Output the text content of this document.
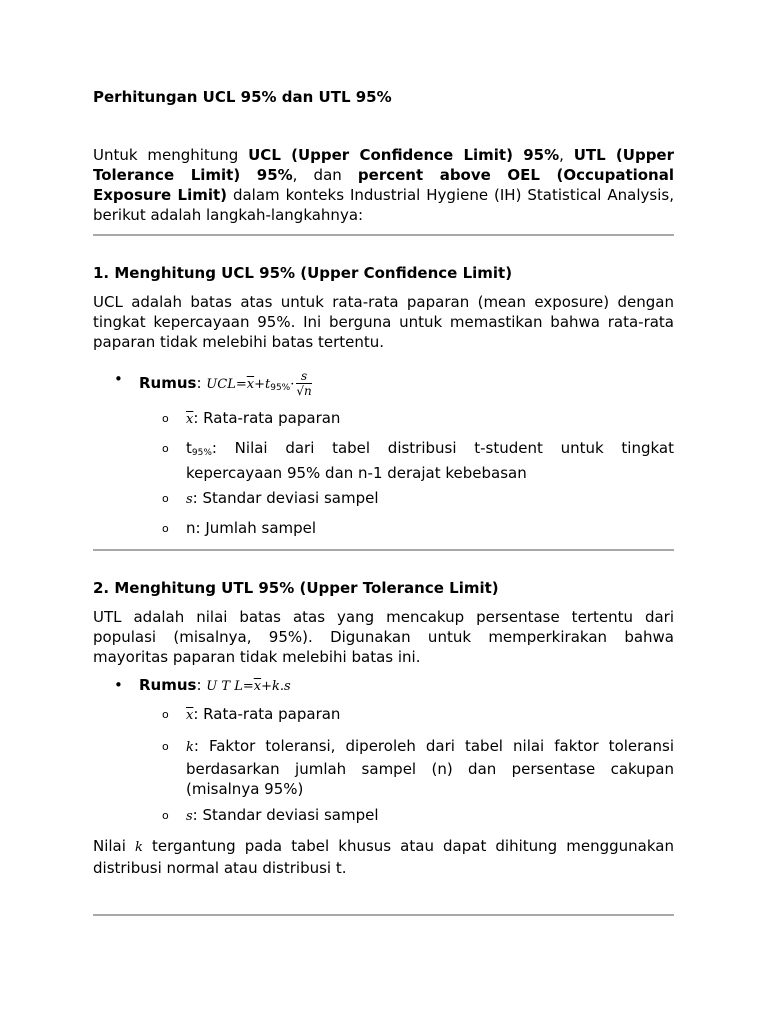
Perhitungan UCL 95% dan UTL 95%

Untuk menghitung UCL (Upper Confidence Limit) 95%, UTL (Upper Tolerance Limit) 95%, dan percent above OEL (Occupational Exposure Limit) dalam konteks Industrial Hygiene (IH) Statistical Analysis, berikut adalah langkah-langkahnya:

1. Menghitung UCL 95% (Upper Confidence Limit)

UCL adalah batas atas untuk rata-rata paparan (mean exposure) dengan tingkat kepercayaan 95%. Ini berguna untuk memastikan bahwa rata-rata paparan tidak melebihi batas tertentu.

• Rumus: $UCL=\overline{x}+t95\%\cdot \frac{s}{√n}$
o $\overline{x}$: Rata-rata paparan
o t95%: Nilai dari tabel distribusi t-student untuk tingkat kepercayaan 95% dan n-1 derajat kebebasan
o s: Standar deviasi sampel
o n: Jumlah sampel
2. Menghitung UTL 95% (Upper Tolerance Limit)

UTL adalah nilai batas atas yang mencakup persentase tertentu dari populasi (misalnya, 95%). Digunakan untuk memperkirakan bahwa mayoritas paparan tidak melebihi batas ini.

• Rumus: U T $L=\overline{x}+k.s$
o $\overline{x}$: Rata-rata paparan
o k: Faktor toleransi, diperoleh dari tabel nilai faktor toleransi berdasarkan jumlah sampel (n) dan persentase cakupan (misalnya 95%)
o s: Standar deviasi sampel

Nilai k tergantung pada tabel khusus atau dapat dihitung menggunakan distribusi normal atau distribusi t.
